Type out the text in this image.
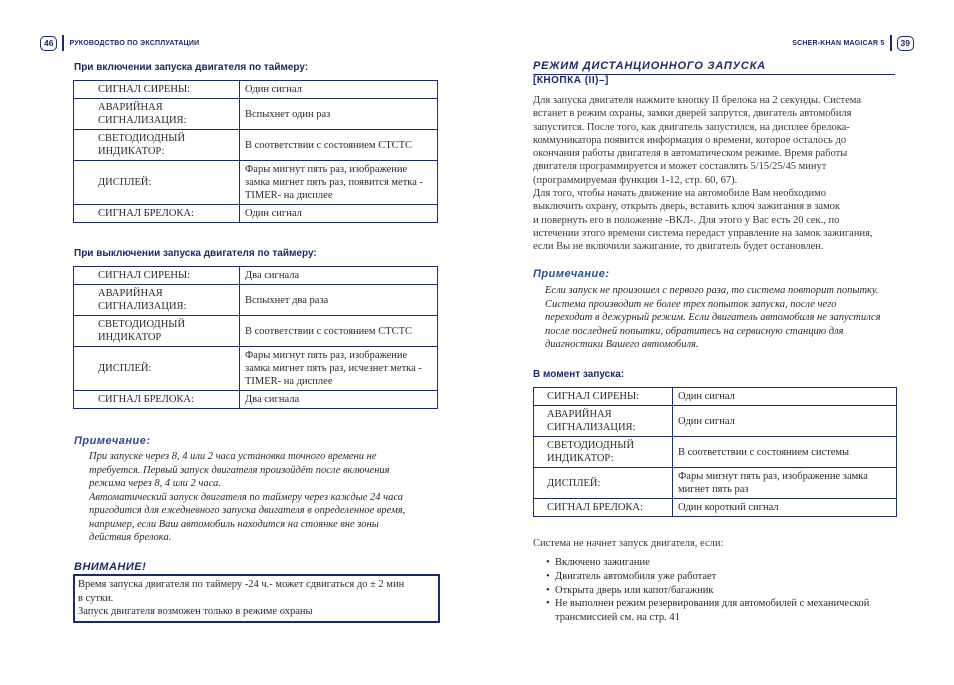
46	РУКОВОДСТВО ПО ЭКСПЛУАТАЦИИ	SCHER-KHAN MAGICAR 5	39
При включении запуска двигателя по таймеру:
СИГНАЛ СИРЕНЫ:	Один сигнал
АВАРИЙНАЯ СИГНАЛИЗАЦИЯ:	Вспыхнет один раз
СВЕТОДИОДНЫЙ ИНДИКАТОР:	В соответствии с состоянием СТСТС
ДИСПЛЕЙ:	Фары мигнут пять раз, изображение замка мигнет пять раз, появится метка -TIMER- на дисплее
СИГНАЛ БРЕЛОКА:	Один сигнал
При выключении запуска двигателя по таймеру:
СИГНАЛ СИРЕНЫ:	Два сигнала
АВАРИЙНАЯ СИГНАЛИЗАЦИЯ:	Вспыхнет два раза
СВЕТОДИОДНЫЙ ИНДИКАТОР	В соответствии с состоянием СТСТС
ДИСПЛЕЙ:	Фары мигнут пять раз, изображение замка мигнет пять раз, исчезнет метка -TIMER- на дисплее
СИГНАЛ БРЕЛОКА:	Два сигнала
Примечание:

При запуске через 8, 4 или 2 часа установка точного времени не

требуется. Первый запуск двигателя произойдёт после включения

режима через 8, 4 или 2 часа.

Автоматический запуск двигателя по таймеру через каждые 24 часа

пригодится для ежедневного запуска двигателя в определенное время,

например, если Ваш автомобиль находится на стоянке вне зоны

действия брелока.

ВНИМАНИЕ!

Время запуска двигателя по таймеру -24 ч.- может сдвигаться до ± 2 мин

в сутки.

Запуск двигателя возможен только в режиме охраны

РЕЖИМ ДИСТАНЦИОННОГО ЗАПУСКА
[КНОПКА (II)–]

Для запуска двигателя нажмите кнопку II брелока на 2 секунды. Система

встанет в режим охраны, замки дверей запрутся, двигатель автомобиля

запустится. После того, как двигатель запустился, на дисплее брелока-

коммуникатора появится информация о времени, которое осталось до

окончания работы двигателя в автоматическом режиме. Время работы

двигателя программируется и может составлять 5/15/25/45 минут

(программируемая функция 1-12, стр. 60, 67).

Для того, чтобы начать движение на автомобиле Вам необходимо

выключить охрану, открыть дверь, вставить ключ зажигания в замок

и повернуть его в положение -ВКЛ-. Для этого у Вас есть 20 сек., по

истечении этого времени система передаст управление на замок зажигания,

если Вы не включили зажигание, то двигатель будет остановлен.

Примечание:

Если запуск не произошел с первого раза, то система повторит попытку.

Система производит не более трех попыток запуска, после чего

переходит в дежурный режим. Если двигатель автомобиля не запустился

после последней попытки, обратитесь на сервисную станцию для

диагностики Вашего автомобиля.

В момент запуска:
СИГНАЛ СИРЕНЫ:	Один сигнал
АВАРИЙНАЯ СИГНАЛИЗАЦИЯ:	Один сигнал
СВЕТОДИОДНЫЙ ИНДИКАТОР:	В соответствии с состоянием системы
ДИСПЛЕЙ:	Фары мигнут пять раз, изображение замка мигнет пять раз
СИГНАЛ БРЕЛОКА:	Один короткий сигнал
Система не начнет запуск двигателя, если:
• Включено зажигание
• Двигатель автомобиля уже работает
• Открыта дверь или капот/багажник
• Не выполнен режим резервирования для автомобилей с механической трансмиссией см. на стр. 41
